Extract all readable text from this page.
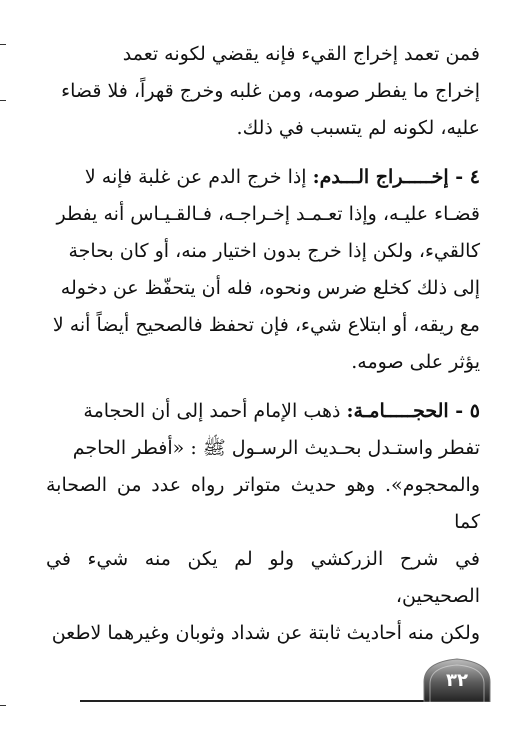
فمن تعمد إخراج القيء فإنه يقضي لكونه تعمد
إخراج ما يفطر صومه، ومن غلبه وخرج قهراً، فلا قضاء
عليه، لكونه لم يتسبب في ذلك.

٤ - إخـــــراج الـــدم: إذا خرج الدم عن غلبة فإنه لا
قضـاء عليـه، وإذا تعـمـد إخـراجـه، فـالقـيـاس أنه يفطر
كالقيء، ولكن إذا خرج بدون اختيار منه، أو كان بحاجة
إلى ذلك كخلع ضرس ونحوه، فله أن يتحفّظ عن دخوله
مع ريقه، أو ابتلاع شيء، فإن تحفظ فالصحيح أيضاً أنه لا
يؤثر على صومه.

٥ - الحجـــــامـة: ذهب الإمام أحمد إلى أن الحجامة
تفطر واستـدل بحـديث الرسـول ﷺ : «أفطر الحاجم
والمحجوم». وهو حديث متواتر رواه عدد من الصحابة كما
في شرح الزركشي ولو لم يكن منه شيء في الصحيحين،
ولكن منه أحاديث ثابتة عن شداد وثوبان وغيرهما لاطعن

٣٢
